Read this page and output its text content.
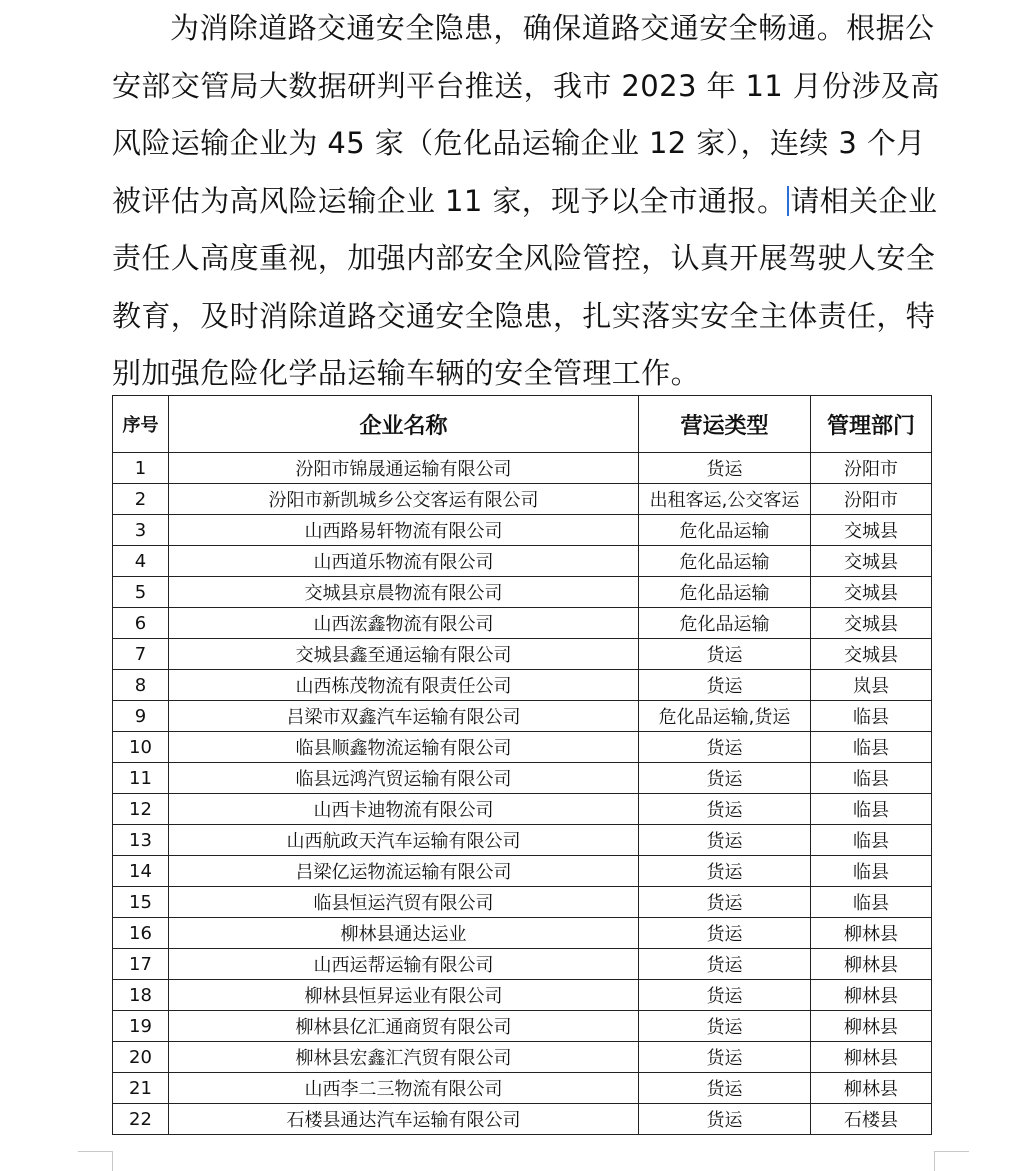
为消除道路交通安全隐患，确保道路交通安全畅通。根据公
安部交管局大数据研判平台推送，我市 2023 年 11 月份涉及高
风险运输企业为 45 家（危化品运输企业 12 家），连续 3 个月
被评估为高风险运输企业 11 家，现予以全市通报。 请相关企业
责任人高度重视，加强内部安全风险管控，认真开展驾驶人安全
教育，及时消除道路交通安全隐患，扎实落实安全主体责任，特
别加强危险化学品运输车辆的安全管理工作。
序号	企业名称	营运类型	管理部门
1	汾阳市锦晟通运输有限公司	货运	汾阳市
2	汾阳市新凯城乡公交客运有限公司	出租客运,公交客运	汾阳市
3	山西路易轩物流有限公司	危化品运输	交城县
4	山西道乐物流有限公司	危化品运输	交城县
5	交城县京晨物流有限公司	危化品运输	交城县
6	山西浤鑫物流有限公司	危化品运输	交城县
7	交城县鑫至通运输有限公司	货运	交城县
8	山西栋茂物流有限责任公司	货运	岚县
9	吕梁市双鑫汽车运输有限公司	危化品运输,货运	临县
10	临县顺鑫物流运输有限公司	货运	临县
11	临县远鸿汽贸运输有限公司	货运	临县
12	山西卡迪物流有限公司	货运	临县
13	山西航政天汽车运输有限公司	货运	临县
14	吕梁亿运物流运输有限公司	货运	临县
15	临县恒运汽贸有限公司	货运	临县
16	柳林县通达运业	货运	柳林县
17	山西运帮运输有限公司	货运	柳林县
18	柳林县恒昇运业有限公司	货运	柳林县
19	柳林县亿汇通商贸有限公司	货运	柳林县
20	柳林县宏鑫汇汽贸有限公司	货运	柳林县
21	山西李二三物流有限公司	货运	柳林县
22	石楼县通达汽车运输有限公司	货运	石楼县
